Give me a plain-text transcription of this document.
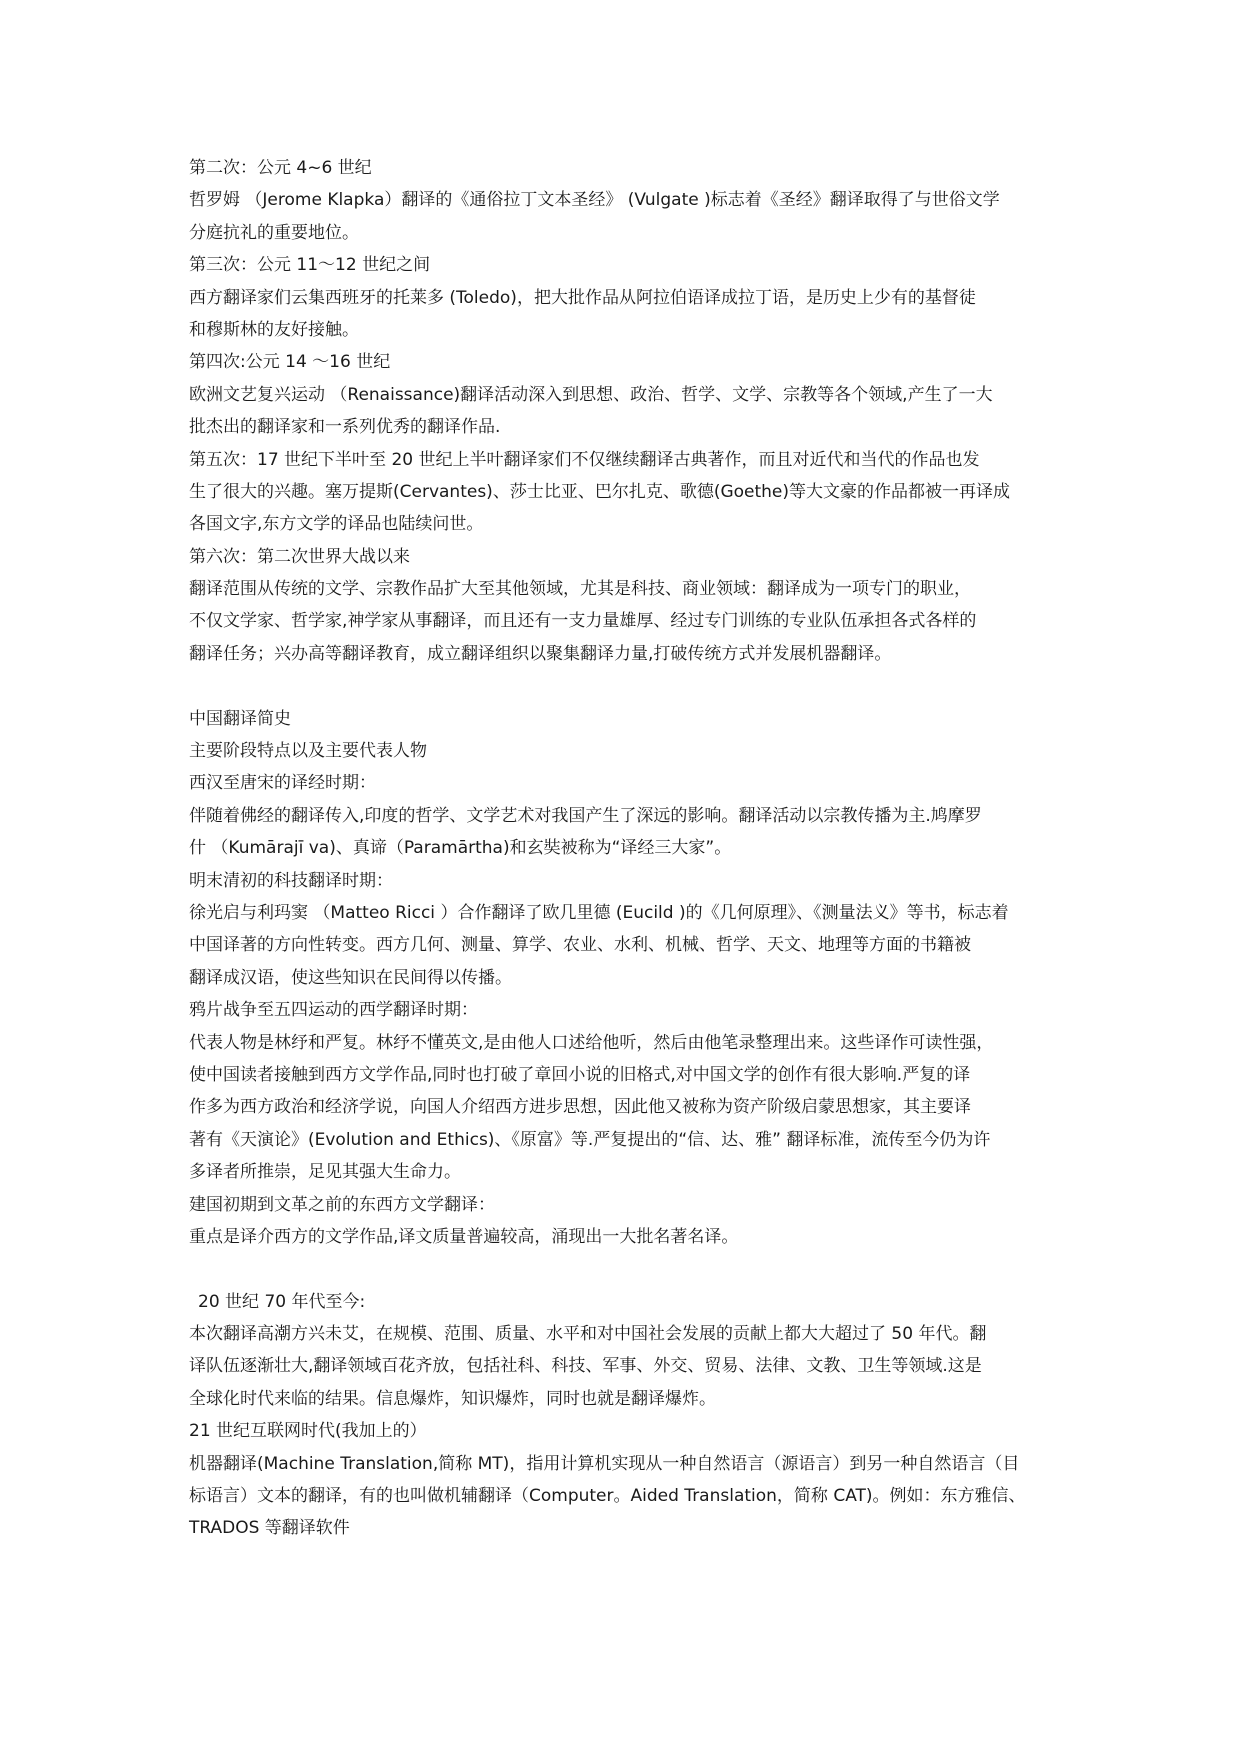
第二次：公元 4~6 世纪

哲罗姆 （Jerome Klapka）翻译的《通俗拉丁文本圣经》 (Vulgate )标志着《圣经》翻译取得了与世俗文学

分庭抗礼的重要地位。

第三次：公元 11～12 世纪之间

西方翻译家们云集西班牙的托莱多 (Toledo)，把大批作品从阿拉伯语译成拉丁语，是历史上少有的基督徒

和穆斯林的友好接触。

第四次:公元 14 ～16 世纪

欧洲文艺复兴运动 （Renaissance)翻译活动深入到思想、政治、哲学、文学、宗教等各个领域,产生了一大

批杰出的翻译家和一系列优秀的翻译作品.

第五次：17 世纪下半叶至 20 世纪上半叶翻译家们不仅继续翻译古典著作，而且对近代和当代的作品也发

生了很大的兴趣。塞万提斯(Cervantes)、莎士比亚、巴尔扎克、歌德(Goethe)等大文豪的作品都被一再译成

各国文字,东方文学的译品也陆续问世。

第六次：第二次世界大战以来

翻译范围从传统的文学、宗教作品扩大至其他领域，尤其是科技、商业领域：翻译成为一项专门的职业，

不仅文学家、哲学家,神学家从事翻译，而且还有一支力量雄厚、经过专门训练的专业队伍承担各式各样的

翻译任务；兴办高等翻译教育，成立翻译组织以聚集翻译力量,打破传统方式并发展机器翻译。

中国翻译简史

主要阶段特点以及主要代表人物

西汉至唐宋的译经时期：

伴随着佛经的翻译传入,印度的哲学、文学艺术对我国产生了深远的影响。翻译活动以宗教传播为主.鸠摩罗

什 （Kumārajī va)、真谛（Paramārtha)和玄奘被称为“译经三大家”。

明末清初的科技翻译时期：

徐光启与利玛窦 （Matteo Ricci ）合作翻译了欧几里德 (Eucild )的《几何原理》、《测量法义》等书，标志着

中国译著的方向性转变。西方几何、测量、算学、农业、水利、机械、哲学、天文、地理等方面的书籍被

翻译成汉语，使这些知识在民间得以传播。

鸦片战争至五四运动的西学翻译时期：

代表人物是林纾和严复。林纾不懂英文,是由他人口述给他听，然后由他笔录整理出来。这些译作可读性强，

使中国读者接触到西方文学作品,同时也打破了章回小说的旧格式,对中国文学的创作有很大影响.严复的译

作多为西方政治和经济学说，向国人介绍西方进步思想，因此他又被称为资产阶级启蒙思想家，其主要译

著有《天演论》(Evolution and Ethics)、《原富》等.严复提出的“信、达、雅” 翻译标准，流传至今仍为许

多译者所推崇，足见其强大生命力。

建国初期到文革之前的东西方文学翻译：

重点是译介西方的文学作品,译文质量普遍较高，涌现出一大批名著名译。

20 世纪 70 年代至今:

本次翻译高潮方兴未艾，在规模、范围、质量、水平和对中国社会发展的贡献上都大大超过了 50 年代。翻

译队伍逐渐壮大,翻译领域百花齐放，包括社科、科技、军事、外交、贸易、法律、文教、卫生等领域.这是

全球化时代来临的结果。信息爆炸，知识爆炸，同时也就是翻译爆炸。

21 世纪互联网时代(我加上的）

机器翻译(Machine Translation,简称 MT)，指用计算机实现从一种自然语言（源语言）到另一种自然语言（目

标语言）文本的翻译，有的也叫做机辅翻译（Computer。Aided Translation，简称 CAT)。例如：东方雅信、

TRADOS 等翻译软件
